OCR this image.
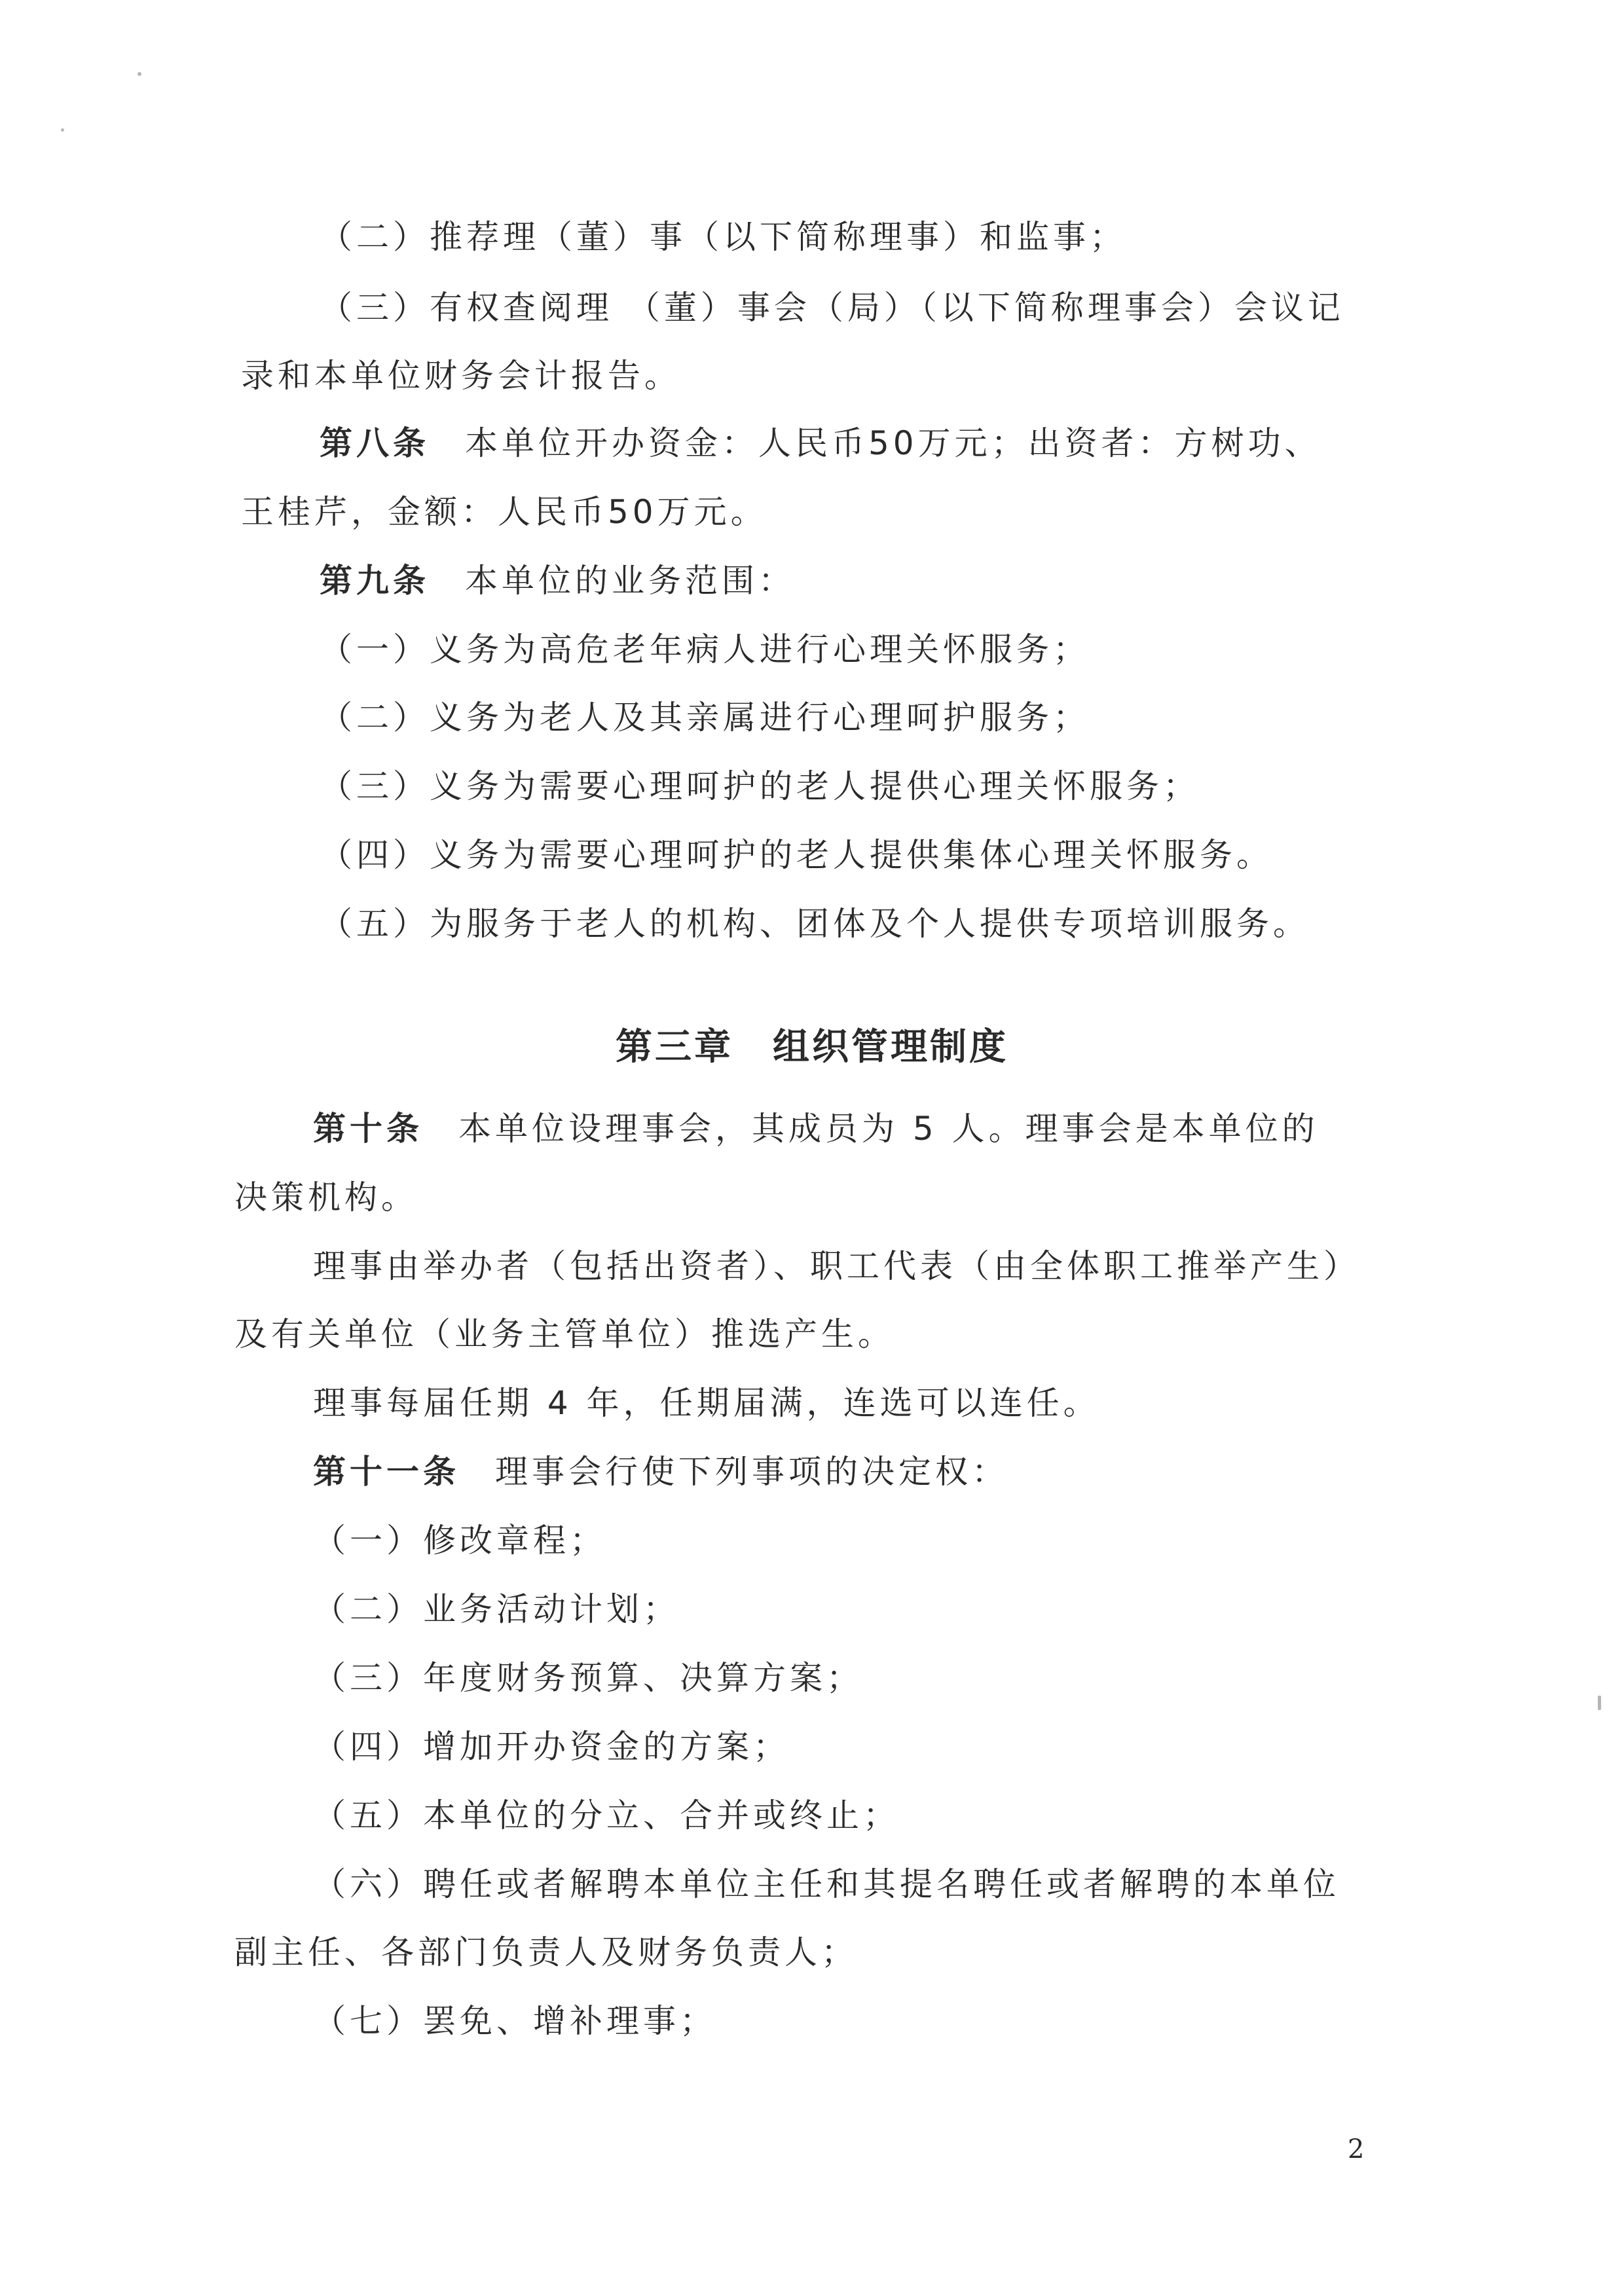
（二）推荐理（董）事（以下简称理事）和监事；
（三）有权查阅理 （董）事会（局）（以下简称理事会）会议记
录和本单位财务会计报告。
第八条 本单位开办资金：人民币50万元；出资者：方树功、
王桂芹，金额：人民币50万元。
第九条 本单位的业务范围：
（一）义务为高危老年病人进行心理关怀服务；
（二）义务为老人及其亲属进行心理呵护服务；
（三）义务为需要心理呵护的老人提供心理关怀服务；
（四）义务为需要心理呵护的老人提供集体心理关怀服务。
（五）为服务于老人的机构、团体及个人提供专项培训服务。
第三章　组织管理制度
第十条 本单位设理事会，其成员为 5 人。理事会是本单位的
决策机构。
理事由举办者（包括出资者）、职工代表（由全体职工推举产生）
及有关单位（业务主管单位）推选产生。
理事每届任期 4 年，任期届满，连选可以连任。
第十一条 理事会行使下列事项的决定权：
（一）修改章程；
（二）业务活动计划；
（三）年度财务预算、决算方案；
（四）增加开办资金的方案；
（五）本单位的分立、合并或终止；
（六）聘任或者解聘本单位主任和其提名聘任或者解聘的本单位
副主任、各部门负责人及财务负责人；
（七）罢免、增补理事；
2
